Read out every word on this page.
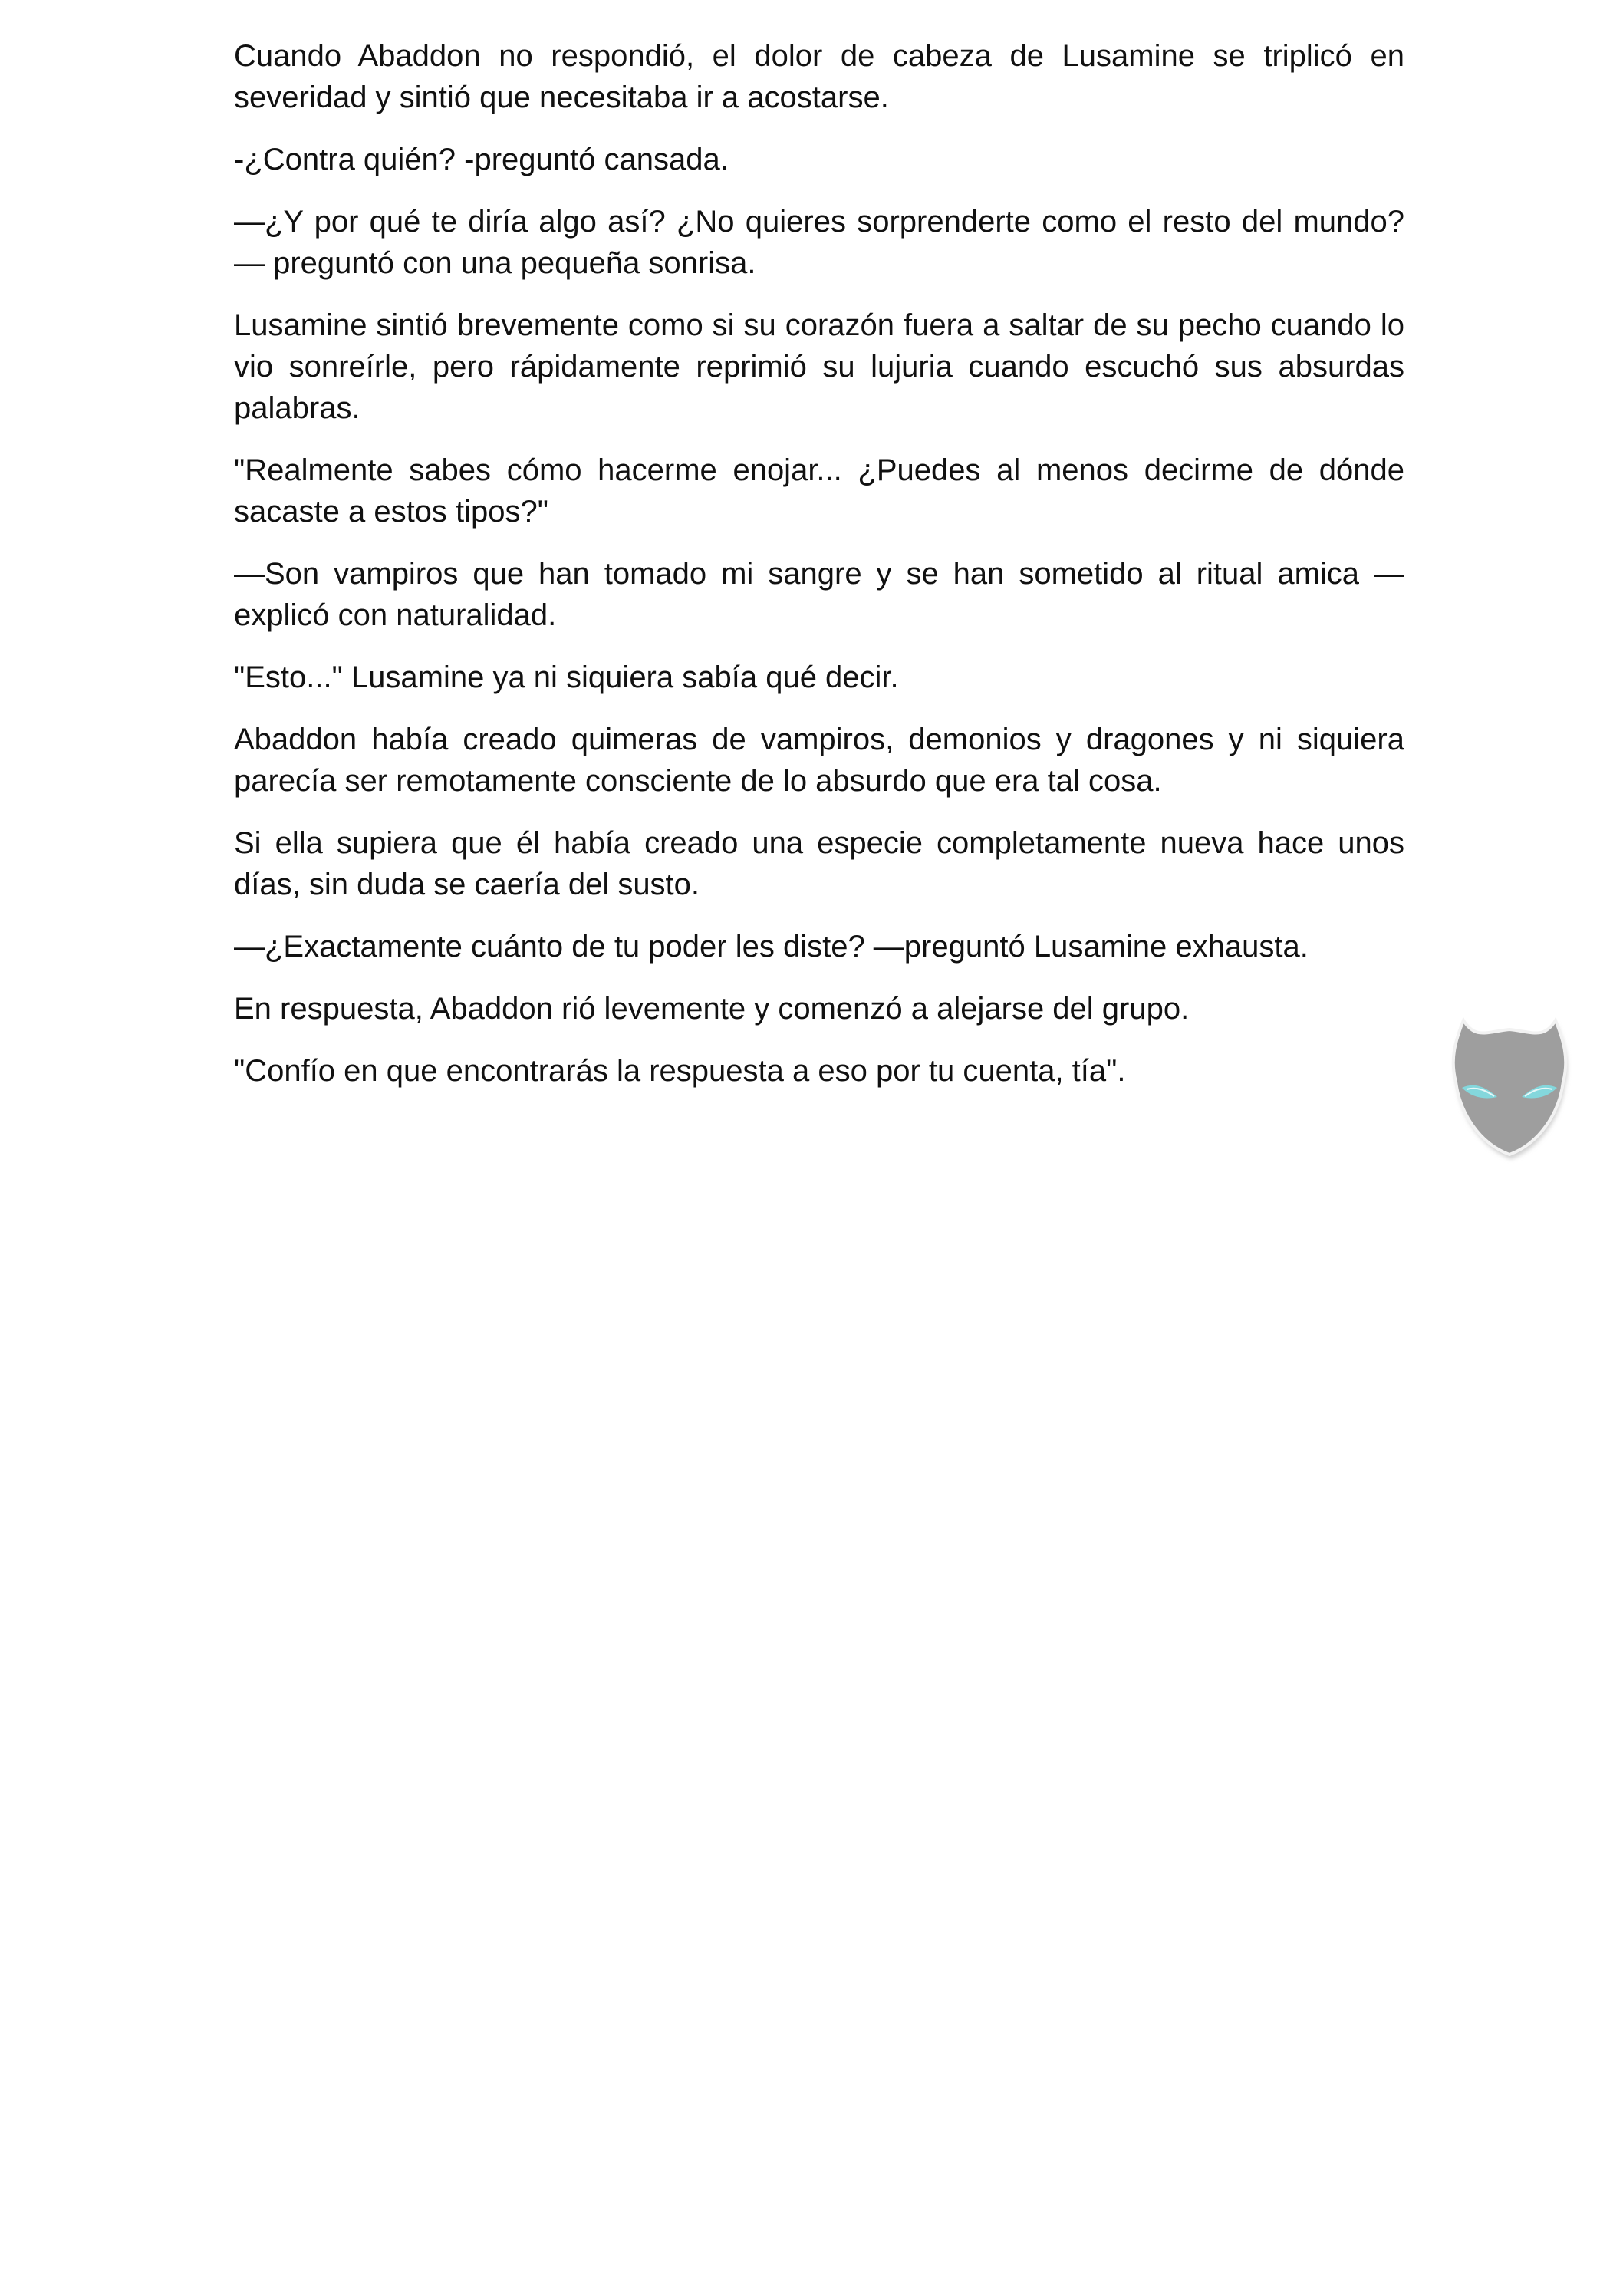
Cuando Abaddon no respondió, el dolor de cabeza de Lusamine se triplicó en severidad y sintió que necesitaba ir a acostarse.

-¿Contra quién? -preguntó cansada.

—¿Y por qué te diría algo así? ¿No quieres sorprenderte como el resto del mundo? — preguntó con una pequeña sonrisa.

Lusamine sintió brevemente como si su corazón fuera a saltar de su pecho cuando lo vio sonreírle, pero rápidamente reprimió su lujuria cuando escuchó sus absurdas palabras.

"Realmente sabes cómo hacerme enojar... ¿Puedes al menos decirme de dónde sacaste a estos tipos?"

—Son vampiros que han tomado mi sangre y se han sometido al ritual amica — explicó con naturalidad.

"Esto..." Lusamine ya ni siquiera sabía qué decir.

Abaddon había creado quimeras de vampiros, demonios y dragones y ni siquiera parecía ser remotamente consciente de lo absurdo que era tal cosa.

Si ella supiera que él había creado una especie completamente nueva hace unos días, sin duda se caería del susto.

—¿Exactamente cuánto de tu poder les diste? —preguntó Lusamine exhausta.

En respuesta, Abaddon rió levemente y comenzó a alejarse del grupo.

"Confío en que encontrarás la respuesta a eso por tu cuenta, tía".
